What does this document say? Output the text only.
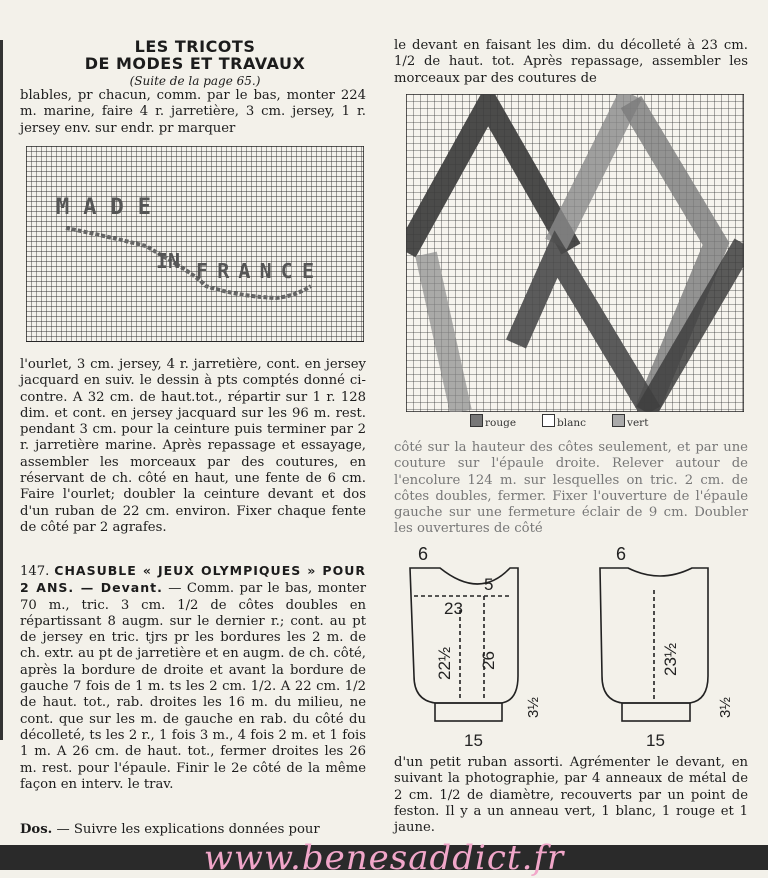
LES TRICOTS
DE MODES ET TRAVAUX
(Suite de la page 65.)

blables, pr chacun, comm. par le bas, monter 224 m. marine, faire 4 r. jarretière, 3 cm. jersey, 1 r. jersey env. sur endr. pr marquer

MADE
IN FRANCE

l'ourlet, 3 cm. jersey, 4 r. jarretière, cont. en jersey jacquard en suiv. le dessin à pts comptés donné ci-contre. A 32 cm. de haut.tot., répartir sur 1 r. 128 dim. et cont. en jersey jacquard sur les 96 m. rest. pendant 3 cm. pour la ceinture puis terminer par 2 r. jarretière marine. Après repassage et essayage, assembler les morceaux par des coutures, en réservant de ch. côté en haut, une fente de 6 cm. Faire l'ourlet; doubler la ceinture devant et dos d'un ruban de 22 cm. environ. Fixer chaque fente de côté par 2 agrafes.

147. CHASUBLE « JEUX OLYMPIQUES » POUR 2 ANS. — Devant. — Comm. par le bas, monter 70 m., tric. 3 cm. 1/2 de côtes doubles en répartissant 8 augm. sur le dernier r.; cont. au pt de jersey en tric. tjrs pr les bordures les 2 m. de ch. extr. au pt de jarretière et en augm. de ch. côté, après la bordure de droite et avant la bordure de gauche 7 fois de 1 m. ts les 2 cm. 1/2. A 22 cm. 1/2 de haut. tot., rab. droites les 16 m. du milieu, ne cont. que sur les m. de gauche en rab. du côté du décolleté, ts les 2 r., 1 fois 3 m., 4 fois 2 m. et 1 fois 1 m. A 26 cm. de haut. tot., fermer droites les 26 m. rest. pour l'épaule. Finir le 2e côté de la même façon en interv. le trav.
Dos. — Suivre les explications données pour

le devant en faisant les dim. du décolleté à 23 cm. 1/2 de haut. tot. Après repassage, assembler les morceaux par des coutures de

rouge	blanc	vert

côté sur la hauteur des côtes seulement, et par une couture sur l'épaule droite. Relever autour de l'encolure 124 m. sur lesquelles on tric. 2 cm. de côtes doubles, fermer. Fixer l'ouverture de l'épaule gauche sur une fermeture éclair de 9 cm. Doubler les ouvertures de côté

6
5
23
22½ 26
3½
15
6
23½
3½
15

d'un petit ruban assorti. Agrémenter le devant, en suivant la photographie, par 4 anneaux de métal de 2 cm. 1/2 de diamètre, recouverts par un point de feston. Il y a un anneau vert, 1 blanc, 1 rouge et 1 jaune.

www.benesaddict.fr
